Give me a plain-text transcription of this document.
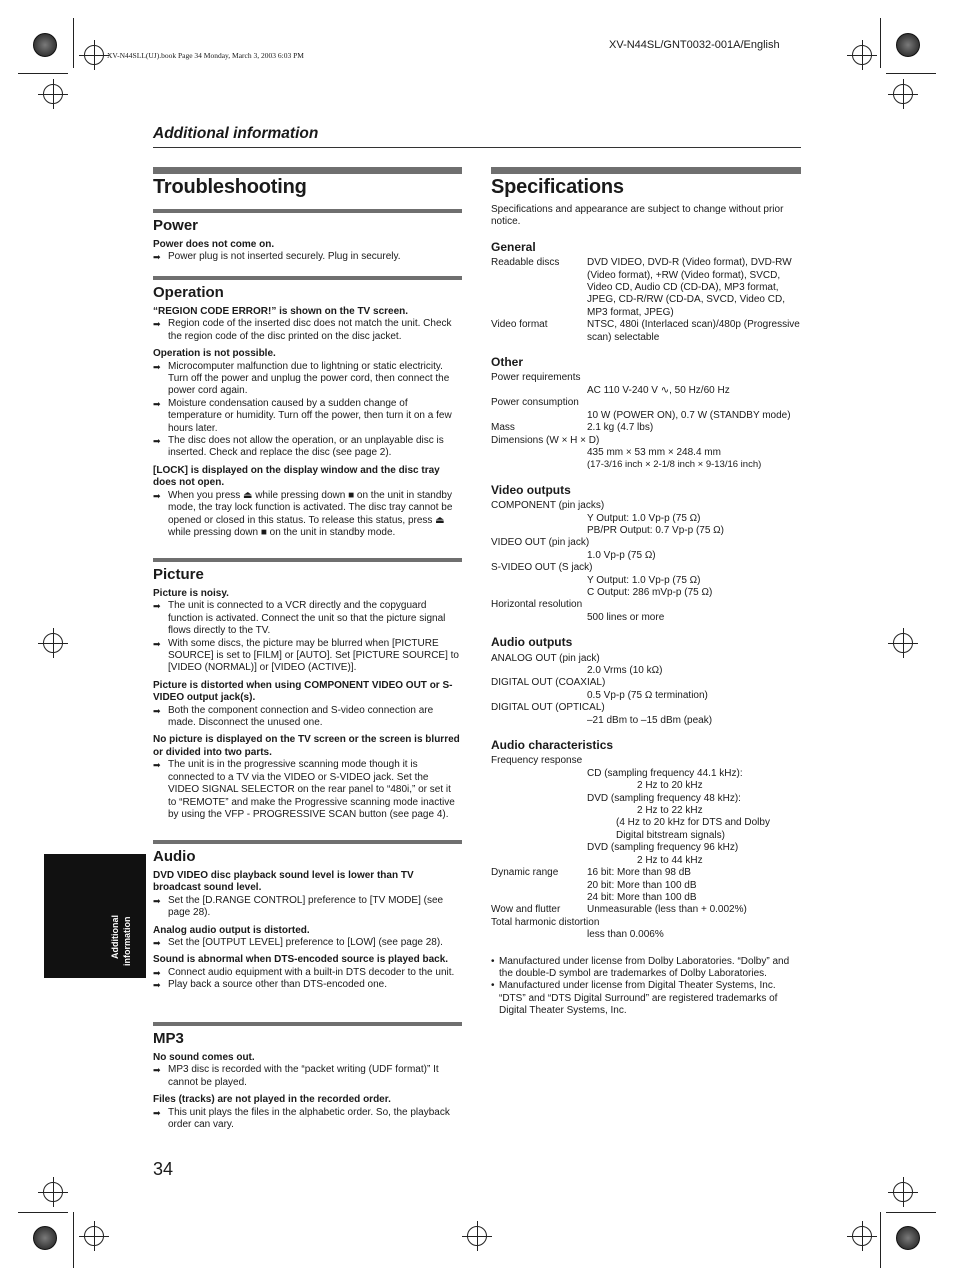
XV-N44SLL(UJ).book Page 34 Monday, March 3, 2003 6:03 PM
XV-N44SL/GNT0032-001A/English
Additional information
Additional information
Troubleshooting
Power
Power does not come on.
➡ Power plug is not inserted securely. Plug in securely.
Operation
“REGION CODE ERROR!” is shown on the TV screen.
➡ Region code of the inserted disc does not match the unit. Check the region code of the disc printed on the disc jacket.
Operation is not possible.
➡ Microcomputer malfunction due to lightning or static electricity. Turn off the power and unplug the power cord, then connect the power cord again.
➡ Moisture condensation caused by a sudden change of temperature or humidity. Turn off the power, then turn it on a few hours later.
➡ The disc does not allow the operation, or an unplayable disc is inserted. Check and replace the disc (see page 2).
[LOCK] is displayed on the display window and the disc tray does not open.
➡ When you press ⏏ while pressing down ■ on the unit in standby mode, the tray lock function is activated. The disc tray cannot be opened or closed in this status. To release this status, press ⏏ while pressing down ■ on the unit in standby mode.
Picture
Picture is noisy.
➡ The unit is connected to a VCR directly and the copyguard function is activated. Connect the unit so that the picture signal flows directly to the TV.
➡ With some discs, the picture may be blurred when [PICTURE SOURCE] is set to [FILM] or [AUTO]. Set [PICTURE SOURCE] to [VIDEO (NORMAL)] or [VIDEO (ACTIVE)].
Picture is distorted when using COMPONENT VIDEO OUT or S-VIDEO output jack(s).
➡ Both the component connection and S-video connection are made. Disconnect the unused one.
No picture is displayed on the TV screen or the screen is blurred or divided into two parts.
➡ The unit is in the progressive scanning mode though it is connected to a TV via the VIDEO or S-VIDEO jack. Set the VIDEO SIGNAL SELECTOR on the rear panel to “480i,” or set it to “REMOTE” and make the Progressive scanning mode inactive by using the VFP - PROGRESSIVE SCAN button (see page 4).
Audio
DVD VIDEO disc playback sound level is lower than TV broadcast sound level.
➡ Set the [D.RANGE CONTROL] preference to [TV MODE] (see page 28).
Analog audio output is distorted.
➡ Set the [OUTPUT LEVEL] preference to [LOW] (see page 28).
Sound is abnormal when DTS-encoded source is played back.
➡ Connect audio equipment with a built-in DTS decoder to the unit.
➡ Play back a source other than DTS-encoded one.
MP3
No sound comes out.
➡ MP3 disc is recorded with the “packet writing (UDF format)” It cannot be played.
Files (tracks) are not played in the recorded order.
➡ This unit plays the files in the alphabetic order. So, the playback order can vary.
34
Specifications
Specifications and appearance are subject to change without prior notice.
General
Readable discs	DVD VIDEO, DVD-R (Video format), DVD-RW (Video format), +RW (Video format), SVCD, Video CD, Audio CD (CD-DA), MP3 format, JPEG, CD-R/RW (CD-DA, SVCD, Video CD, MP3 format, JPEG)
Video format	NTSC, 480i (Interlaced scan)/480p (Progressive scan) selectable
Other
Power requirements
AC 110 V-240 V ∿, 50 Hz/60 Hz
Power consumption
10 W (POWER ON), 0.7 W (STANDBY mode)
Mass	2.1 kg (4.7 lbs)
Dimensions (W × H × D)
435 mm × 53 mm × 248.4 mm
(17-3/16 inch × 2-1/8 inch × 9-13/16 inch)
Video outputs
COMPONENT (pin jacks)
Y Output: 1.0 Vp-p (75 Ω)
PB/PR Output: 0.7 Vp-p (75 Ω)
VIDEO OUT (pin jack)
1.0 Vp-p (75 Ω)
S-VIDEO OUT (S jack)
Y Output: 1.0 Vp-p (75 Ω)
C Output: 286 mVp-p (75 Ω)
Horizontal resolution
500 lines or more
Audio outputs
ANALOG OUT (pin jack)
2.0 Vrms (10 kΩ)
DIGITAL OUT (COAXIAL)
0.5 Vp-p (75 Ω termination)
DIGITAL OUT (OPTICAL)
–21 dBm to –15 dBm (peak)
Audio characteristics
Frequency response
CD (sampling frequency 44.1 kHz):
2 Hz to 20 kHz
DVD (sampling frequency 48 kHz):
2 Hz to 22 kHz
(4 Hz to 20 kHz for DTS and Dolby
Digital bitstream signals)
DVD (sampling frequency 96 kHz)
2 Hz to 44 kHz
Dynamic range	16 bit: More than 98 dB
20 bit: More than 100 dB
24 bit: More than 100 dB
Wow and flutter	Unmeasurable (less than + 0.002%)
Total harmonic distortion
less than 0.006%
• Manufactured under license from Dolby Laboratories. “Dolby” and the double-D symbol are trademarkes of Dolby Laboratories.
• Manufactured under license from Digital Theater Systems, Inc. “DTS” and “DTS Digital Surround” are registered trademarks of Digital Theater Systems, Inc.
